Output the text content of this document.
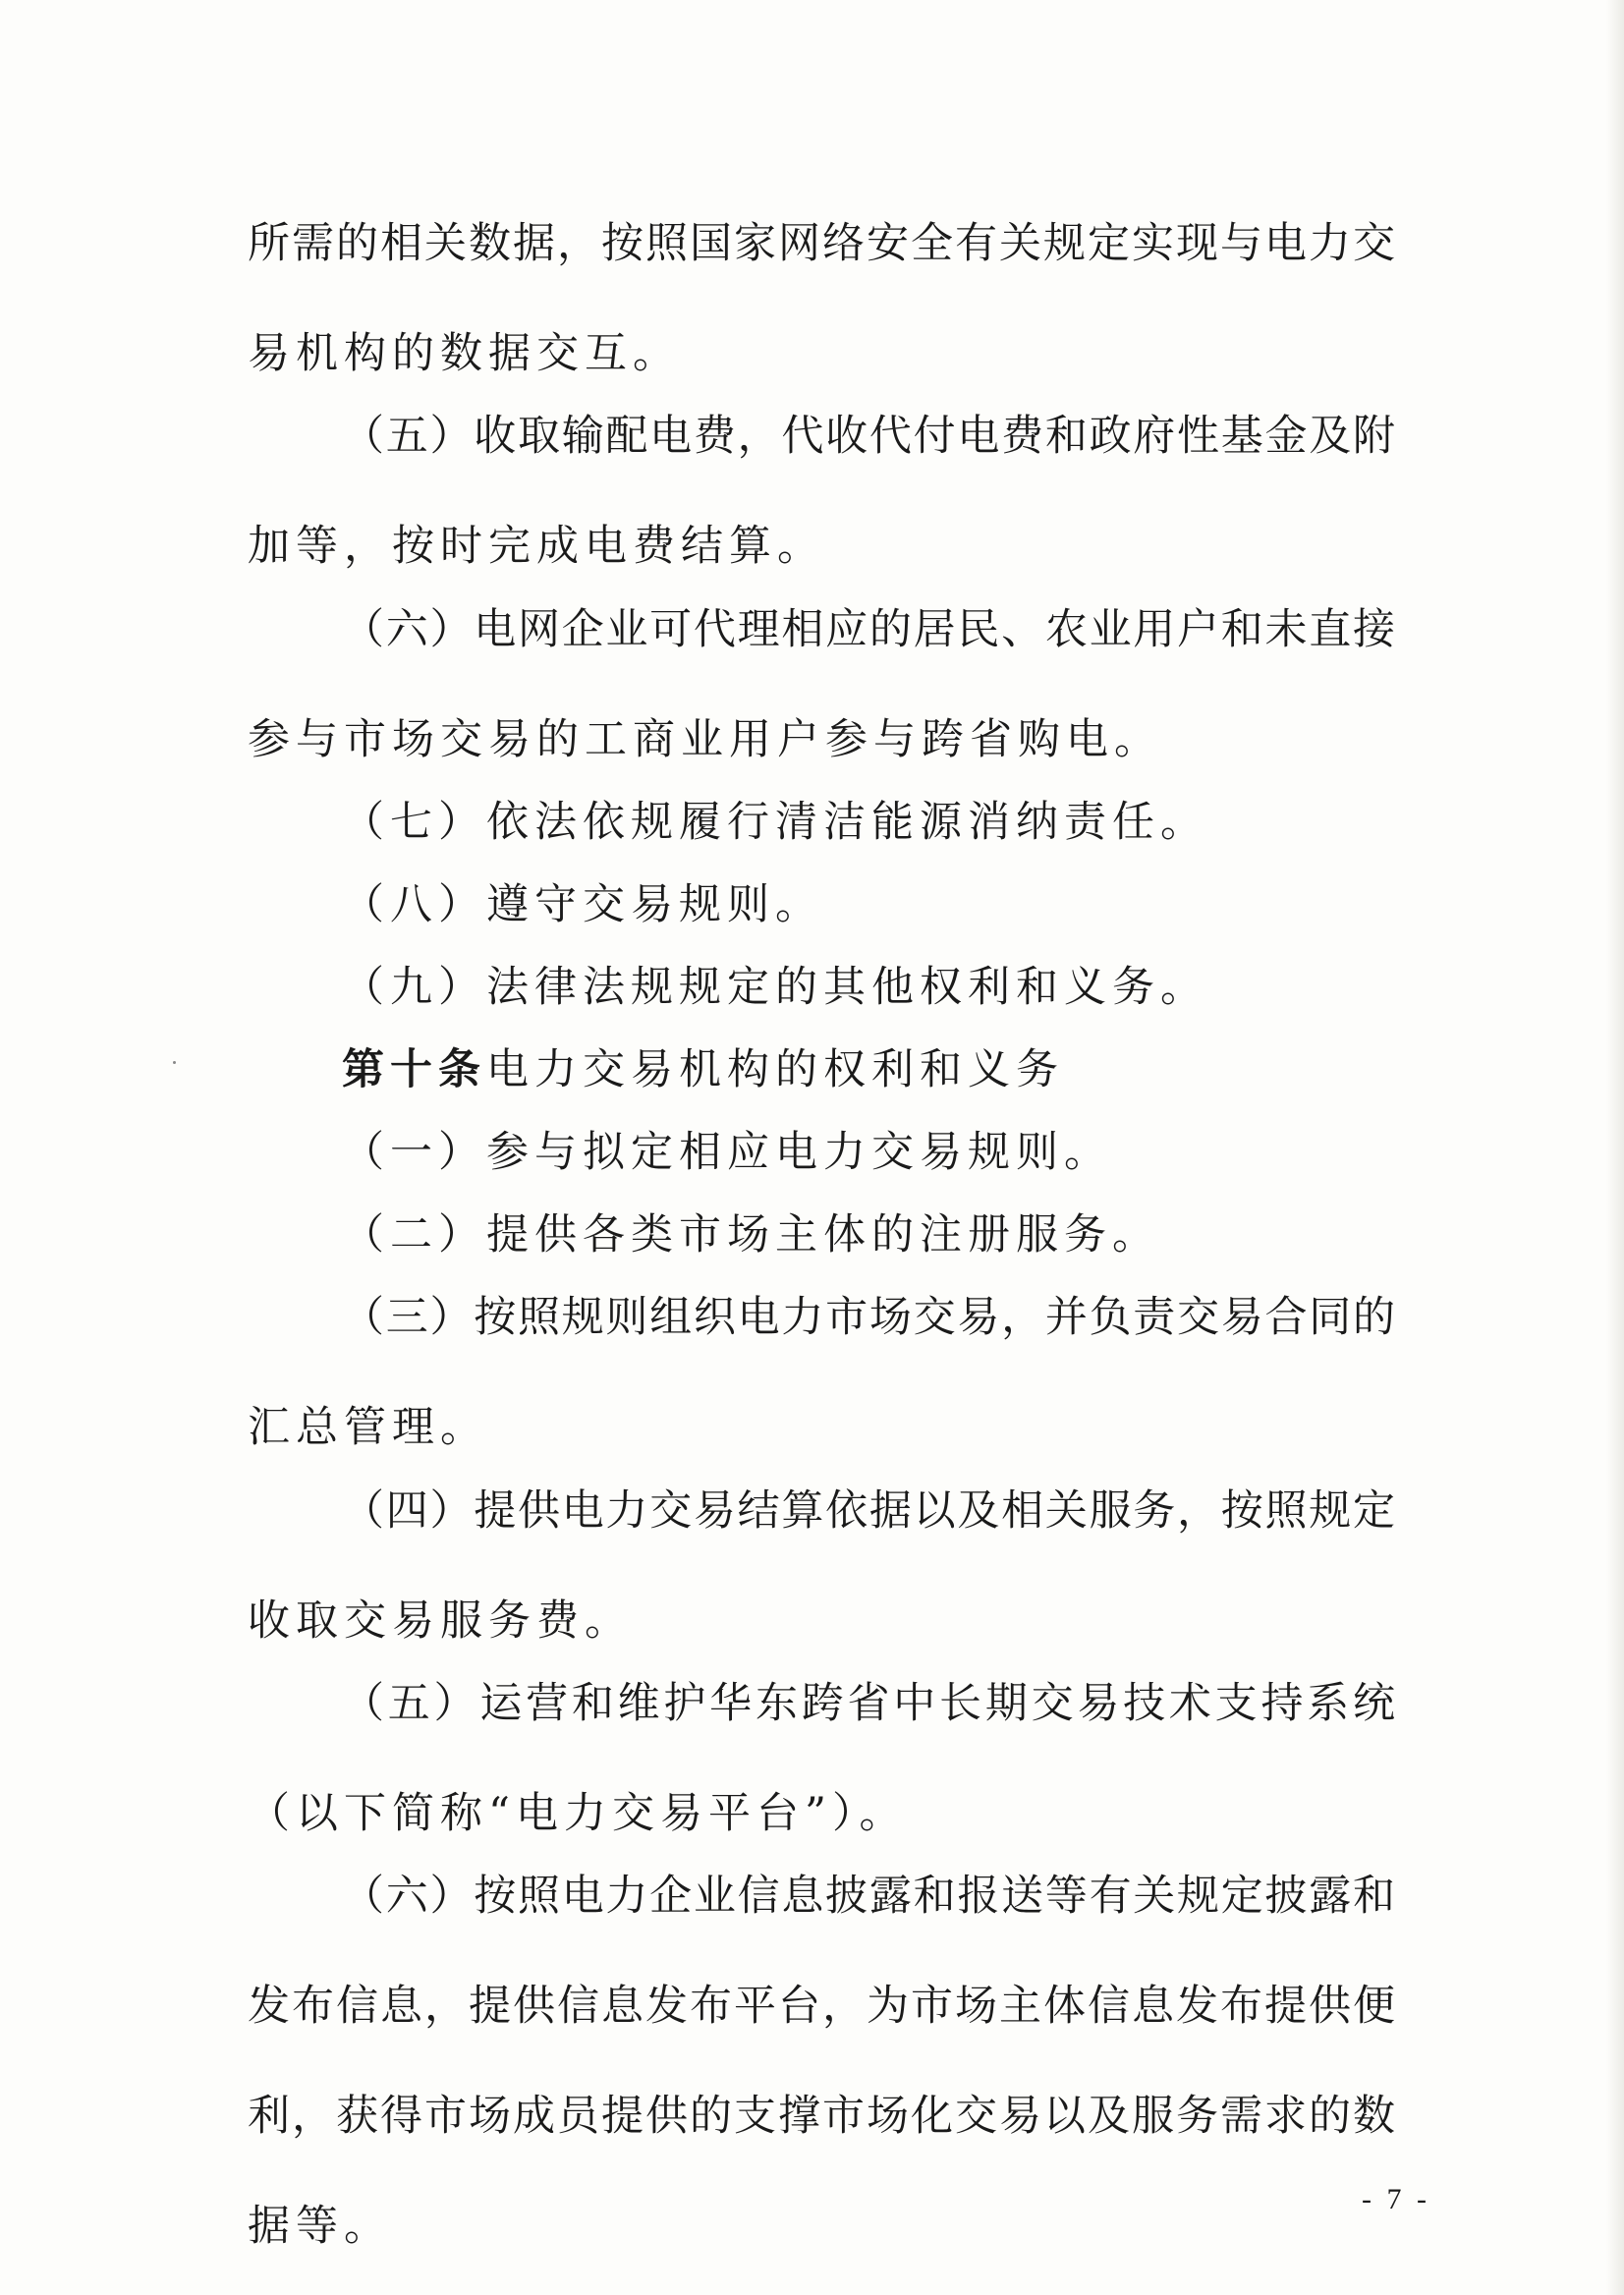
所需的相关数据，按照国家网络安全有关规定实现与电力交
易机构的数据交互。
（五）收取输配电费，代收代付电费和政府性基金及附
加等，按时完成电费结算。
（六）电网企业可代理相应的居民、农业用户和未直接
参与市场交易的工商业用户参与跨省购电。
（七）依法依规履行清洁能源消纳责任。
（八）遵守交易规则。
（九）法律法规规定的其他权利和义务。
第十条电力交易机构的权利和义务
（一）参与拟定相应电力交易规则。
（二）提供各类市场主体的注册服务。
（三）按照规则组织电力市场交易，并负责交易合同的
汇总管理。
（四）提供电力交易结算依据以及相关服务，按照规定
收取交易服务费。
（五）运营和维护华东跨省中长期交易技术支持系统
（以下简称“电力交易平台”）。
（六）按照电力企业信息披露和报送等有关规定披露和
发布信息，提供信息发布平台，为市场主体信息发布提供便
利，获得市场成员提供的支撑市场化交易以及服务需求的数
据等。
- 7 -
